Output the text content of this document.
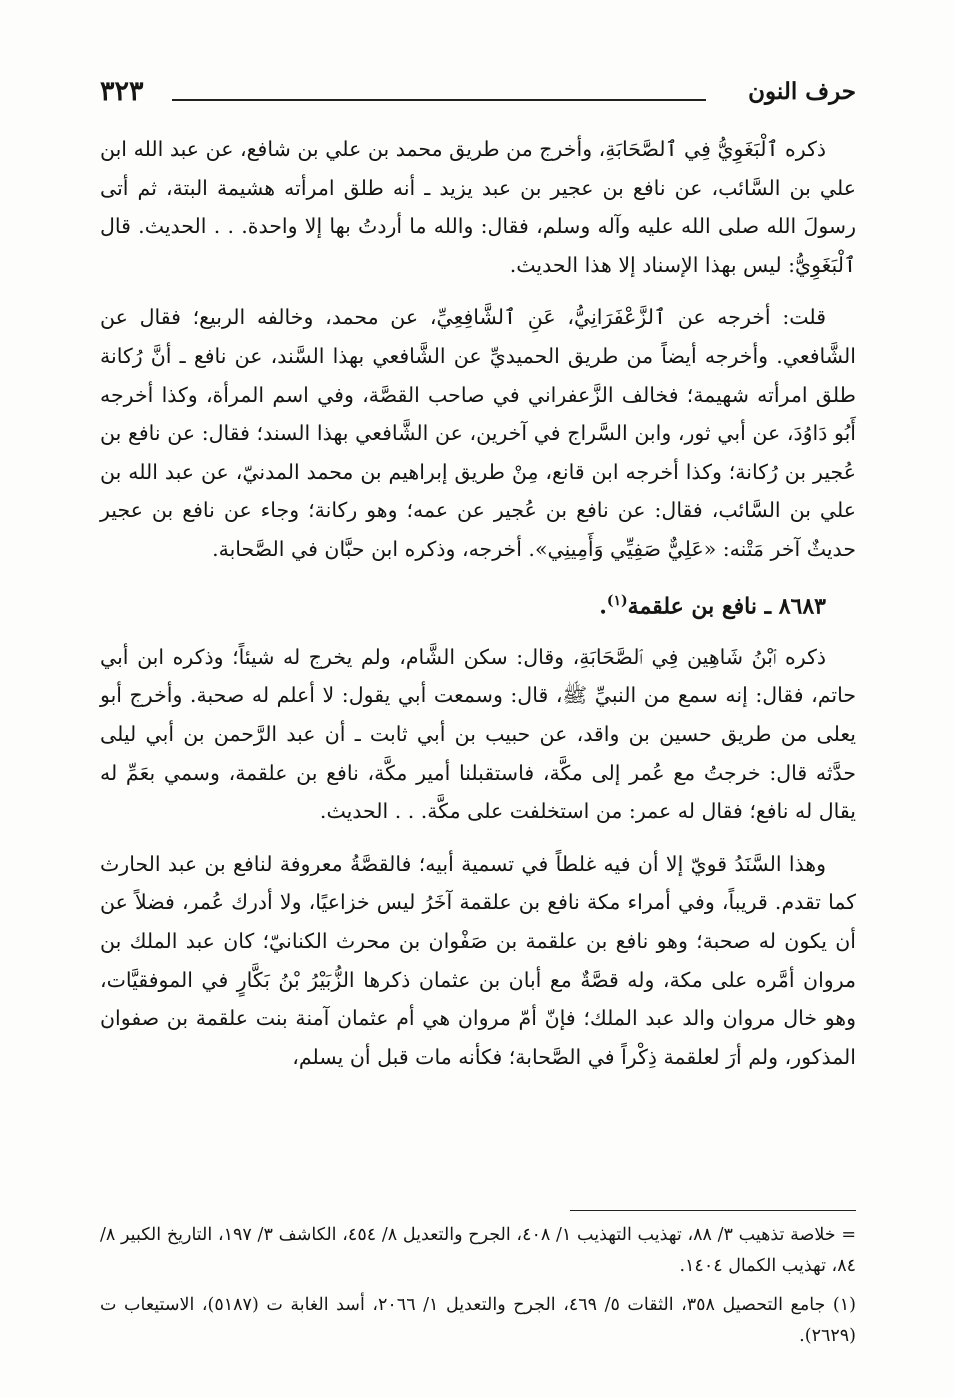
حرف النون
٣٢٣

ذكره ٱلْبَغَوِيُّ فِي ٱلصَّحَابَةِ، وأخرج من طريق محمد بن علي بن شافع، عن عبد الله ابن علي بن السَّائب، عن نافع بن عجير بن عبد يزيد ـ أنه طلق امرأته هشيمة البتة، ثم أتى رسولَ الله صلى الله عليه وآله وسلم، فقال: والله ما أردتُ بها إلا واحدة. . . الحديث. قال ٱلْبَغَوِيُّ: ليس بهذا الإسناد إلا هذا الحديث.

قلت: أخرجه عن ٱلزَّعْفَرَانِيُّ، عَنِ ٱلشَّافِعِيِّ، عن محمد، وخالفه الربيع؛ فقال عن الشَّافعي. وأخرجه أيضاً من طريق الحميديِّ عن الشَّافعي بهذا السَّند، عن نافع ـ أنَّ رُكانة طلق امرأته شهيمة؛ فخالف الزَّعفراني في صاحب القصَّة، وفي اسم المرأة، وكذا أخرجه أَبُو دَاوُدَ، عن أبي ثور، وابن السَّراج في آخرين، عن الشَّافعي بهذا السند؛ فقال: عن نافع بن عُجير بن رُكانة؛ وكذا أخرجه ابن قانع، مِنْ طريق إبراهيم بن محمد المدنيّ، عن عبد الله بن علي بن السَّائب، فقال: عن نافع بن عُجير عن عمه؛ وهو ركانة؛ وجاء عن نافع بن عجير حديثٌ آخر مَتْنه: «عَلِيٌّ صَفِيِّي وَأَمِينِي». أخرجه، وذكره ابن حبَّان في الصَّحابة.

٨٦٨٣ ـ نافع بن علقمة$^{(١)}$.

ذكره ٱبْنُ شَاهِين فِي ٱلصَّحَابَةِ، وقال: سكن الشَّام، ولم يخرج له شيئاً؛ وذكره ابن أبي حاتم، فقال: إنه سمع من النبيِّ ﷺ، قال: وسمعت أبي يقول: لا أعلم له صحبة. وأخرج أبو يعلى من طريق حسين بن واقد، عن حبيب بن أبي ثابت ـ أن عبد الرَّحمن بن أبي ليلى حدَّثه قال: خرجتُ مع عُمر إلى مكَّة، فاستقبلنا أمير مكَّة، نافع بن علقمة، وسمي بعَمِّ له يقال له نافع؛ فقال له عمر: من استخلفت على مكَّة. . . الحديث.

وهذا السَّنَدُ قويّ إلا أن فيه غلطاً في تسمية أبيه؛ فالقصَّةُ معروفة لنافع بن عبد الحارث كما تقدم. قريباً، وفي أمراء مكة نافع بن علقمة آخَرُ ليس خزاعيًا، ولا أدرك عُمر، فضلاً عن أن يكون له صحبة؛ وهو نافع بن علقمة بن صَفْوان بن محرث الكنانيّ؛ كان عبد الملك بن مروان أمَّره على مكة، وله قصَّةٌ مع أبان بن عثمان ذكرها الزُّبَيْرُ بْنُ بَكَّارٍ في الموفقيَّات، وهو خال مروان والد عبد الملك؛ فإنّ أمّ مروان هي أم عثمان آمنة بنت علقمة بن صفوان المذكور، ولم أرَ لعلقمة ذِكْراً في الصَّحابة؛ فكأنه مات قبل أن يسلم،

= خلاصة تذهيب ٣/ ٨٨، تهذيب التهذيب ١/ ٤٠٨، الجرح والتعديل ٨/ ٤٥٤، الكاشف ٣/ ١٩٧، التاريخ الكبير ٨/ ٨٤، تهذيب الكمال ١٤٠٤.

(١) جامع التحصيل ٣٥٨، الثقات ٥/ ٤٦٩، الجرح والتعديل ١/ ٢٠٦٦، أسد الغابة ت (٥١٨٧)، الاستيعاب ت (٢٦٢٩).
